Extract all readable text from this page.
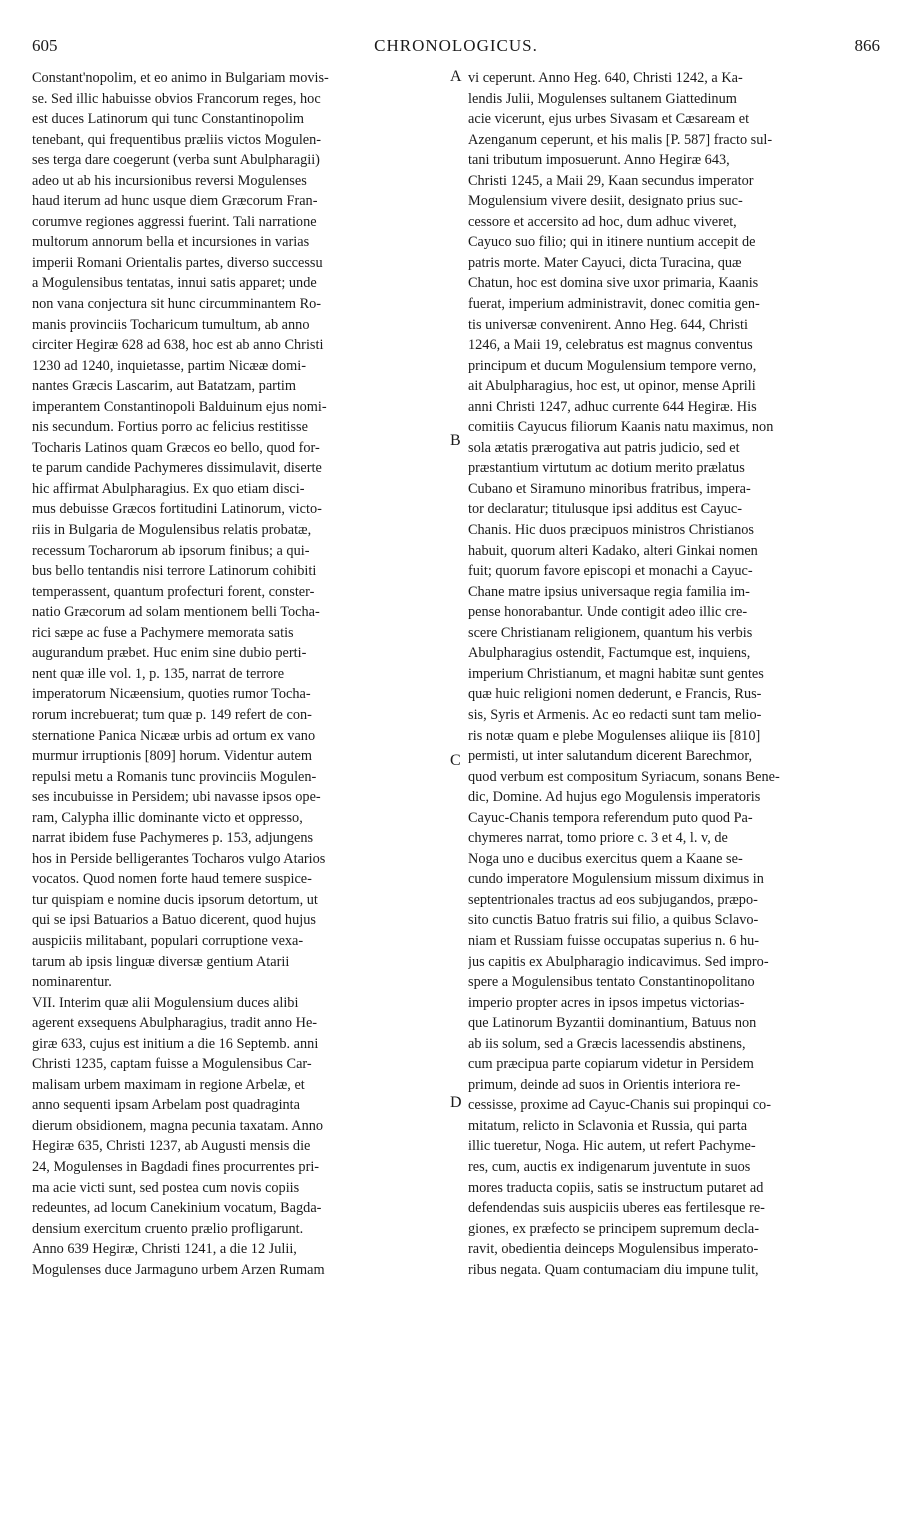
605	CHRONOLOGICUS.	866
Constant'nopolim, et eo animo in Bulgariam movis-
se. Sed illic habuisse obvios Francorum reges, hoc
est duces Latinorum qui tunc Constantinopolim
tenebant, qui frequentibus præliis victos Mogulen-
ses terga dare coegerunt (verba sunt Abulpharagii)
adeo ut ab his incursionibus reversi Mogulenses
haud iterum ad hunc usque diem Græcorum Fran-
corumve regiones aggressi fuerint. Tali narratione
multorum annorum bella et incursiones in varias
imperii Romani Orientalis partes, diverso successu
a Mogulensibus tentatas, innui satis apparet; unde
non vana conjectura sit hunc circumminantem Ro-
manis provinciis Tocharicum tumultum, ab anno
circiter Hegiræ 628 ad 638, hoc est ab anno Christi
1230 ad 1240, inquietasse, partim Nicææ domi-
nantes Græcis Lascarim, aut Batatzam, partim
imperantem Constantinopoli Balduinum ejus nomi-
nis secundum. Fortius porro ac felicius restitisse
Tocharis Latinos quam Græcos eo bello, quod for-
te parum candide Pachymeres dissimulavit, diserte
hic affirmat Abulpharagius. Ex quo etiam disci-
mus debuisse Græcos fortitudini Latinorum, victo-
riis in Bulgaria de Mogulensibus relatis probatæ,
recessum Tocharorum ab ipsorum finibus; a qui-
bus bello tentandis nisi terrore Latinorum cohibiti
temperassent, quantum profecturi forent, conster-
natio Græcorum ad solam mentionem belli Tocha-
rici sæpe ac fuse a Pachymere memorata satis
augurandum præbet. Huc enim sine dubio perti-
nent quæ ille vol. 1, p. 135, narrat de terrore
imperatorum Nicæensium, quoties rumor Tocha-
rorum increbuerat; tum quæ p. 149 refert de con-
sternatione Panica Nicææ urbis ad ortum ex vano
murmur irruptionis [809] horum. Videntur autem
repulsi metu a Romanis tunc provinciis Mogulen-
ses incubuisse in Persidem; ubi navasse ipsos ope-
ram, Calypha illic dominante victo et oppresso,
narrat ibidem fuse Pachymeres p. 153, adjungens
hos in Perside belligerantes Tocharos vulgo Atarios
vocatos. Quod nomen forte haud temere suspice-
tur quispiam e nomine ducis ipsorum detortum, ut
qui se ipsi Batuarios a Batuo dicerent, quod hujus
auspiciis militabant, populari corruptione vexa-
tarum ab ipsis linguæ diversæ gentium Atarii
nominarentur.
VII. Interim quæ alii Mogulensium duces alibi
agerent exsequens Abulpharagius, tradit anno He-
giræ 633, cujus est initium a die 16 Septemb. anni
Christi 1235, captam fuisse a Mogulensibus Car-
malisam urbem maximam in regione Arbelæ, et
anno sequenti ipsam Arbelam post quadraginta
dierum obsidionem, magna pecunia taxatam. Anno
Hegiræ 635, Christi 1237, ab Augusti mensis die
24, Mogulenses in Bagdadi fines procurrentes pri-
ma acie victi sunt, sed postea cum novis copiis
redeuntes, ad locum Canekinium vocatum, Bagda-
densium exercitum cruento prælio profligarunt.
Anno 639 Hegiræ, Christi 1241, a die 12 Julii,
Mogulenses duce Jarmaguno urbem Arzen Rumam
vi ceperunt. Anno Heg. 640, Christi 1242, a Ka-
lendis Julii, Mogulenses sultanem Giattedinum
acie vicerunt, ejus urbes Sivasam et Cæsaream et
Azenganum ceperunt, et his malis [P. 587] fracto sul-
tani tributum imposuerunt. Anno Hegiræ 643,
Christi 1245, a Maii 29, Kaan secundus imperator
Mogulensium vivere desiit, designato prius suc-
cessore et accersito ad hoc, dum adhuc viveret,
Cayuco suo filio; qui in itinere nuntium accepit de
patris morte. Mater Cayuci, dicta Turacina, quæ
Chatun, hoc est domina sive uxor primaria, Kaanis
fuerat, imperium administravit, donec comitia gen-
tis universæ convenirent. Anno Heg. 644, Christi
1246, a Maii 19, celebratus est magnus conventus
principum et ducum Mogulensium tempore verno,
ait Abulpharagius, hoc est, ut opinor, mense Aprili
anni Christi 1247, adhuc currente 644 Hegiræ. His
comitiis Cayucus filiorum Kaanis natu maximus, non
sola ætatis prærogativa aut patris judicio, sed et
præstantium virtutum ac dotium merito prælatus
Cubano et Siramuno minoribus fratribus, impera-
tor declaratur; titulusque ipsi additus est Cayuc-
Chanis. Hic duos præcipuos ministros Christianos
habuit, quorum alteri Kadako, alteri Ginkai nomen
fuit; quorum favore episcopi et monachi a Cayuc-
Chane matre ipsius universaque regia familia im-
pense honorabantur. Unde contigit adeo illic cre-
scere Christianam religionem, quantum his verbis
Abulpharagius ostendit, Factumque est, inquiens,
imperium Christianum, et magni habitæ sunt gentes
quæ huic religioni nomen dederunt, e Francis, Rus-
sis, Syris et Armenis. Ac eo redacti sunt tam melio-
ris notæ quam e plebe Mogulenses aliique iis [810]
permisti, ut inter salutandum dicerent Barechmor,
quod verbum est compositum Syriacum, sonans Bene-
dic, Domine. Ad hujus ego Mogulensis imperatoris
Cayuc-Chanis tempora referendum puto quod Pa-
chymeres narrat, tomo priore c. 3 et 4, l. v, de
Noga uno e ducibus exercitus quem a Kaane se-
cundo imperatore Mogulensium missum diximus in
septentrionales tractus ad eos subjugandos, præpo-
sito cunctis Batuo fratris sui filio, a quibus Sclavo-
niam et Russiam fuisse occupatas superius n. 6 hu-
jus capitis ex Abulpharagio indicavimus. Sed impro-
spere a Mogulensibus tentato Constantinopolitano
imperio propter acres in ipsos impetus victorias-
que Latinorum Byzantii dominantium, Batuus non
ab iis solum, sed a Græcis lacessendis abstinens,
cum præcipua parte copiarum videtur in Persidem
primum, deinde ad suos in Orientis interiora re-
cessisse, proxime ad Cayuc-Chanis sui propinqui co-
mitatum, relicto in Sclavonia et Russia, qui parta
illic tueretur, Noga. Hic autem, ut refert Pachyme-
res, cum, auctis ex indigenarum juventute in suos
mores traducta copiis, satis se instructum putaret ad
defendendas suis auspiciis uberes eas fertilesque re-
giones, ex præfecto se principem supremum decla-
ravit, obedientia deinceps Mogulensibus imperato-
ribus negata. Quam contumaciam diu impune tulit,
A
B
C
D
